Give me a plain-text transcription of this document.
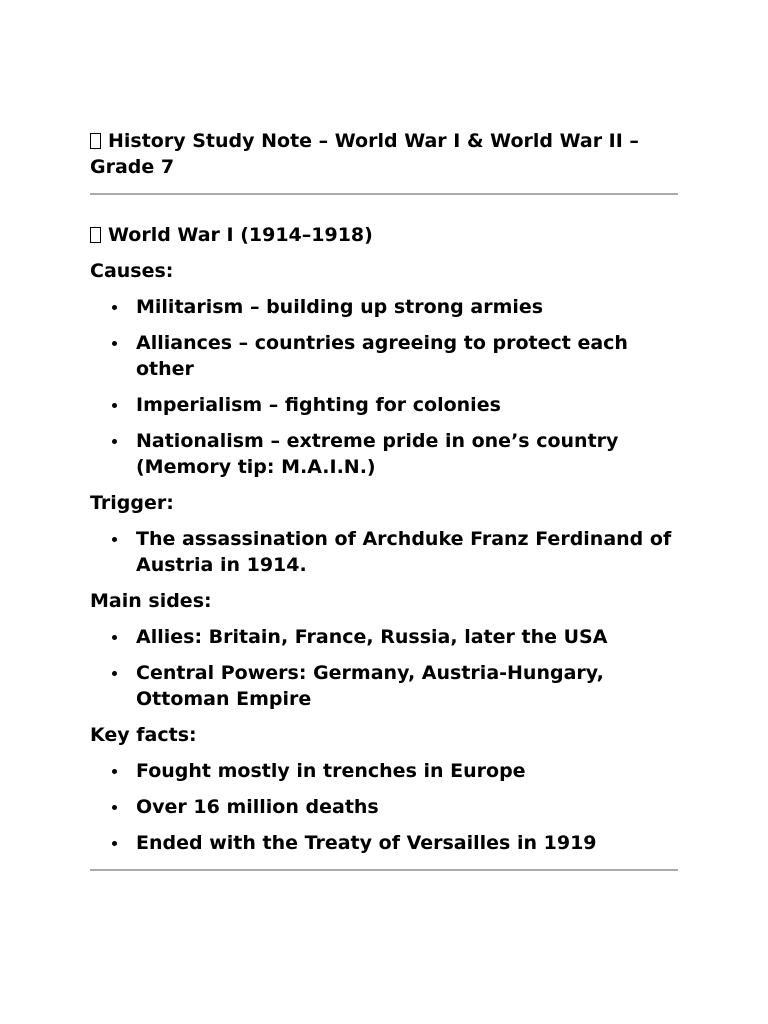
History Study Note – World War I & World War II – Grade 7
World War I (1914–1918)
Causes:
Militarism – building up strong armies
Alliances – countries agreeing to protect each other
Imperialism – fighting for colonies
Nationalism – extreme pride in one’s country (Memory tip: M.A.I.N.)
Trigger:
The assassination of Archduke Franz Ferdinand of Austria in 1914.
Main sides:
Allies: Britain, France, Russia, later the USA
Central Powers: Germany, Austria-Hungary, Ottoman Empire
Key facts:
Fought mostly in trenches in Europe
Over 16 million deaths
Ended with the Treaty of Versailles in 1919
